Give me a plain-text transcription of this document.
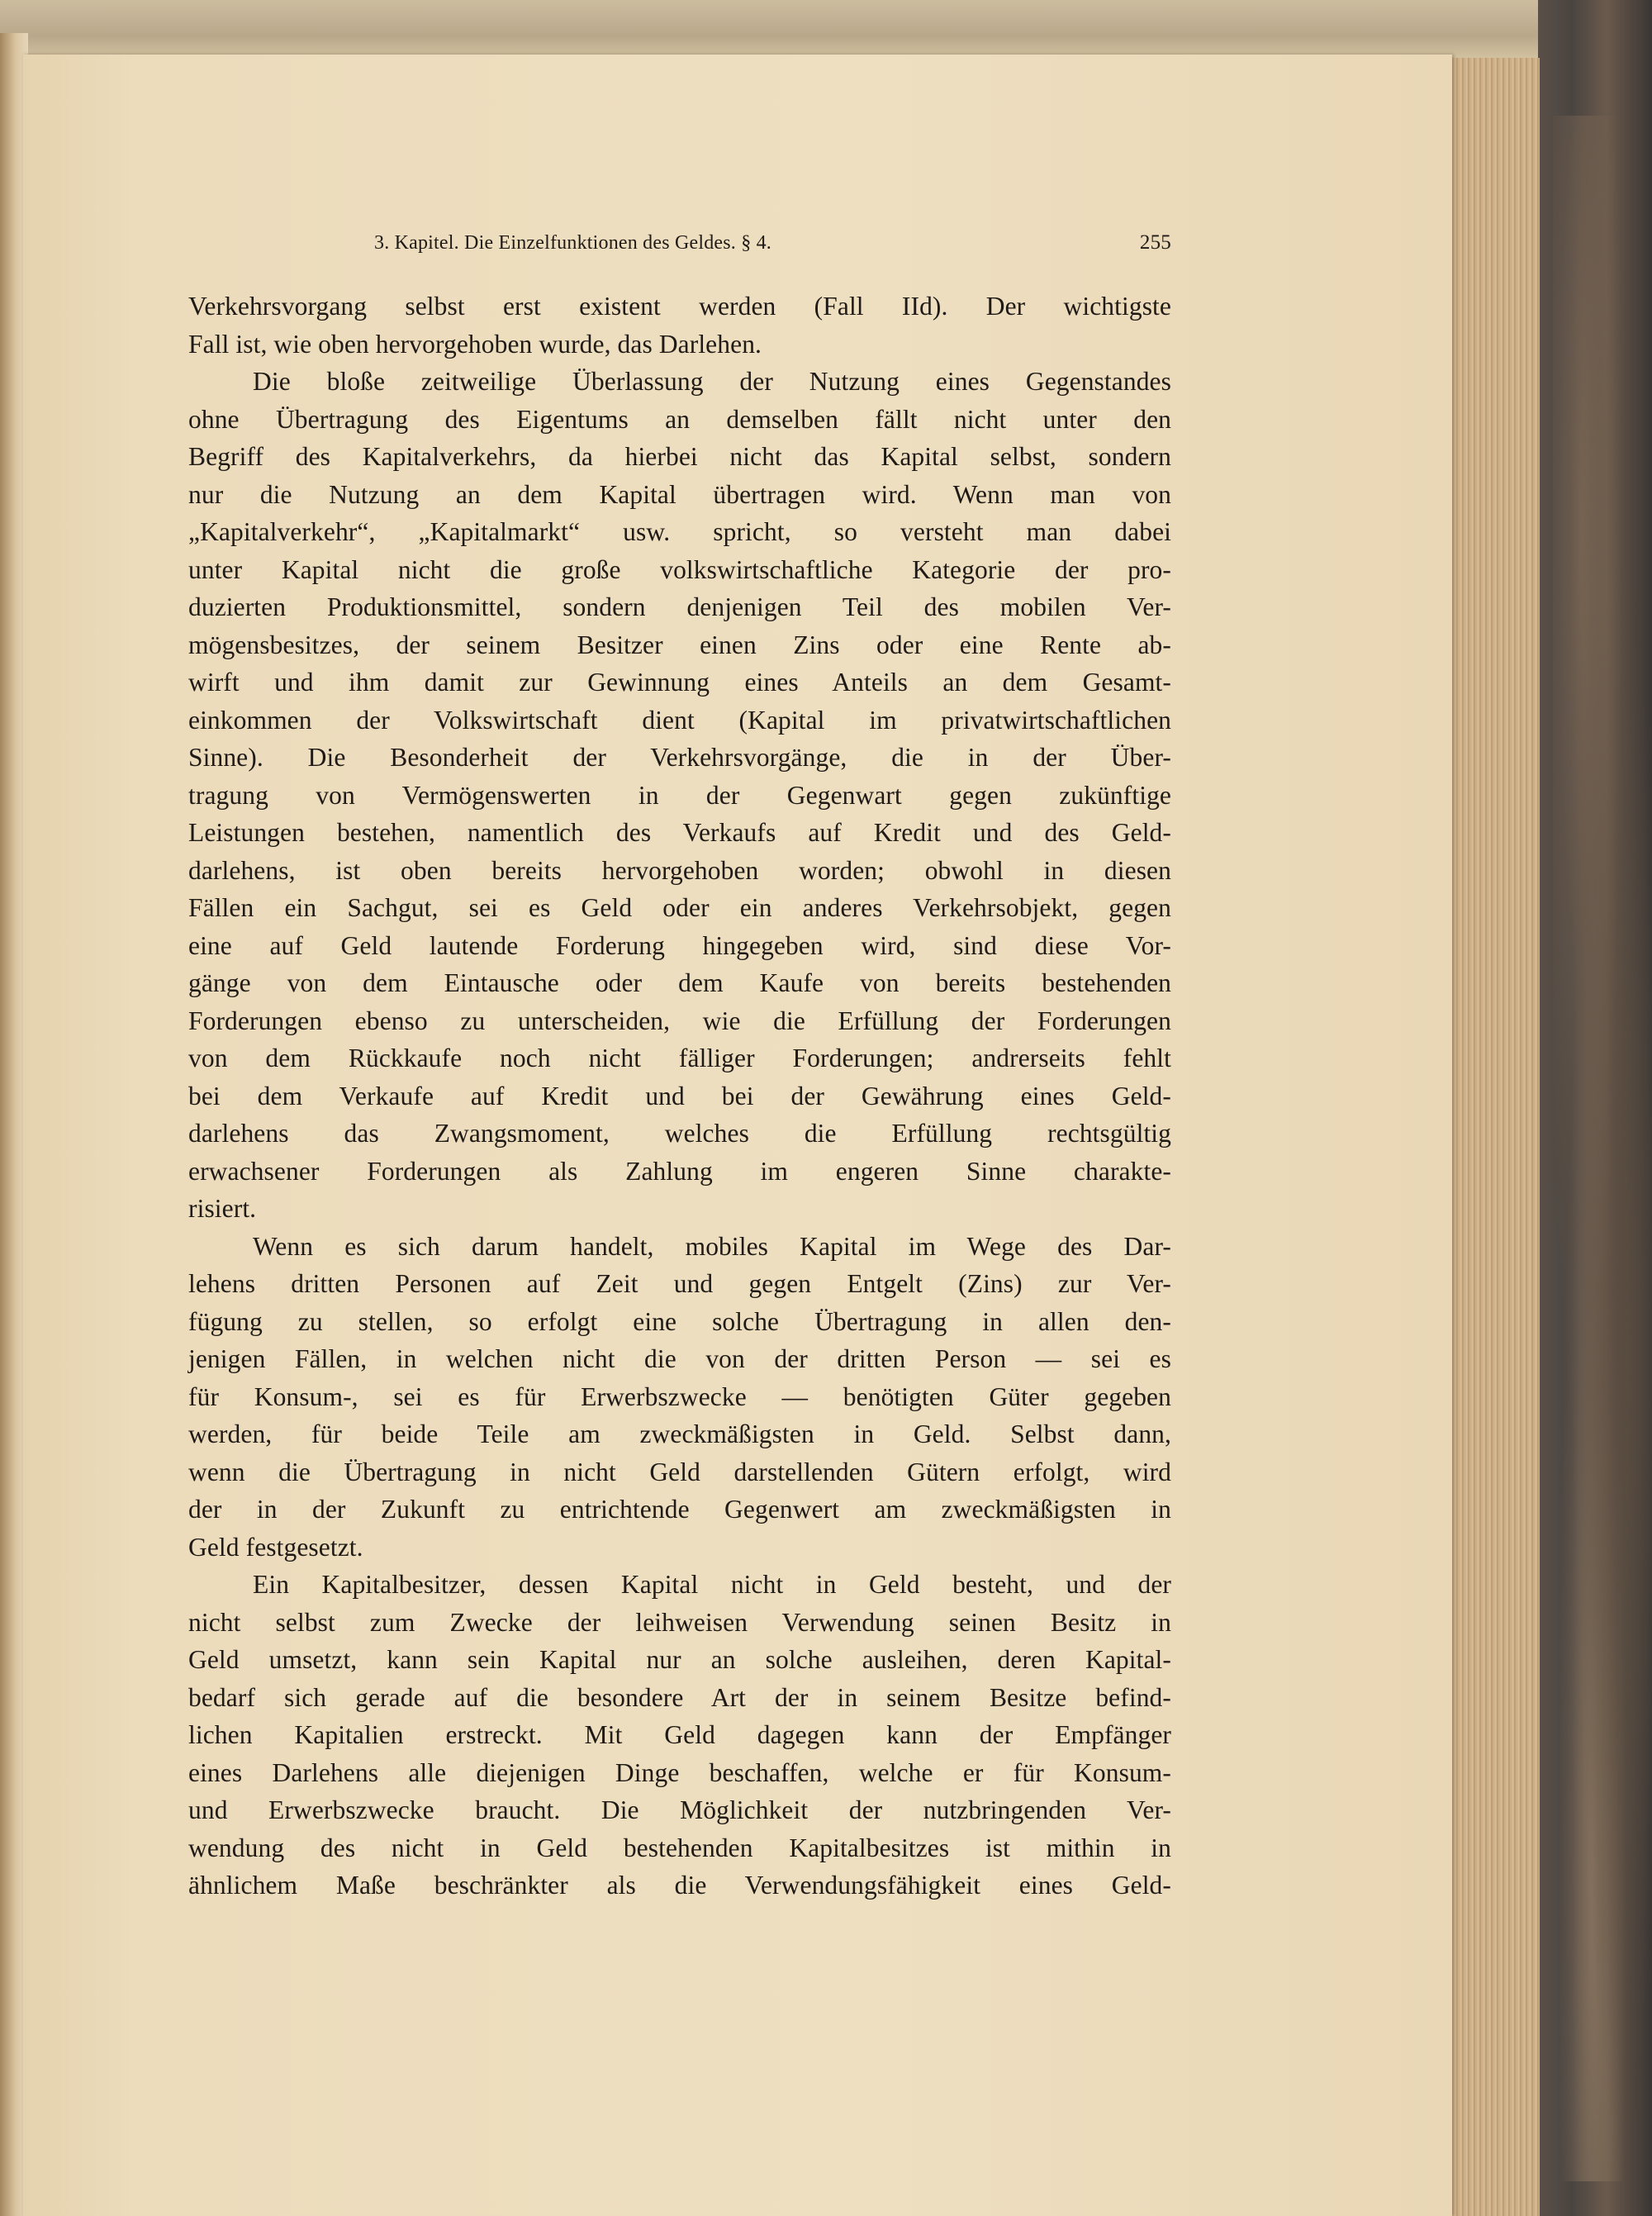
3. Kapitel. Die Einzelfunktionen des Geldes. § 4.	255
Verkehrsvorgang selbst erst existent werden (Fall IId). Der wichtigste
Fall ist, wie oben hervorgehoben wurde, das Darlehen.
Die bloße zeitweilige Überlassung der Nutzung eines Gegenstandes
ohne Übertragung des Eigentums an demselben fällt nicht unter den
Begriff des Kapitalverkehrs, da hierbei nicht das Kapital selbst, sondern
nur die Nutzung an dem Kapital übertragen wird. Wenn man von
„Kapitalverkehr“, „Kapitalmarkt“ usw. spricht, so versteht man dabei
unter Kapital nicht die große volkswirtschaftliche Kategorie der pro-
duzierten Produktionsmittel, sondern denjenigen Teil des mobilen Ver-
mögensbesitzes, der seinem Besitzer einen Zins oder eine Rente ab-
wirft und ihm damit zur Gewinnung eines Anteils an dem Gesamt-
einkommen der Volkswirtschaft dient (Kapital im privatwirtschaftlichen
Sinne). Die Besonderheit der Verkehrsvorgänge, die in der Über-
tragung von Vermögenswerten in der Gegenwart gegen zukünftige
Leistungen bestehen, namentlich des Verkaufs auf Kredit und des Geld-
darlehens, ist oben bereits hervorgehoben worden; obwohl in diesen
Fällen ein Sachgut, sei es Geld oder ein anderes Verkehrsobjekt, gegen
eine auf Geld lautende Forderung hingegeben wird, sind diese Vor-
gänge von dem Eintausche oder dem Kaufe von bereits bestehenden
Forderungen ebenso zu unterscheiden, wie die Erfüllung der Forderungen
von dem Rückkaufe noch nicht fälliger Forderungen; andrerseits fehlt
bei dem Verkaufe auf Kredit und bei der Gewährung eines Geld-
darlehens das Zwangsmoment, welches die Erfüllung rechtsgültig
erwachsener Forderungen als Zahlung im engeren Sinne charakte-
risiert.
Wenn es sich darum handelt, mobiles Kapital im Wege des Dar-
lehens dritten Personen auf Zeit und gegen Entgelt (Zins) zur Ver-
fügung zu stellen, so erfolgt eine solche Übertragung in allen den-
jenigen Fällen, in welchen nicht die von der dritten Person — sei es
für Konsum-, sei es für Erwerbszwecke — benötigten Güter gegeben
werden, für beide Teile am zweckmäßigsten in Geld. Selbst dann,
wenn die Übertragung in nicht Geld darstellenden Gütern erfolgt, wird
der in der Zukunft zu entrichtende Gegenwert am zweckmäßigsten in
Geld festgesetzt.
Ein Kapitalbesitzer, dessen Kapital nicht in Geld besteht, und der
nicht selbst zum Zwecke der leihweisen Verwendung seinen Besitz in
Geld umsetzt, kann sein Kapital nur an solche ausleihen, deren Kapital-
bedarf sich gerade auf die besondere Art der in seinem Besitze befind-
lichen Kapitalien erstreckt. Mit Geld dagegen kann der Empfänger
eines Darlehens alle diejenigen Dinge beschaffen, welche er für Konsum-
und Erwerbszwecke braucht. Die Möglichkeit der nutzbringenden Ver-
wendung des nicht in Geld bestehenden Kapitalbesitzes ist mithin in
ähnlichem Maße beschränkter als die Verwendungsfähigkeit eines Geld-
